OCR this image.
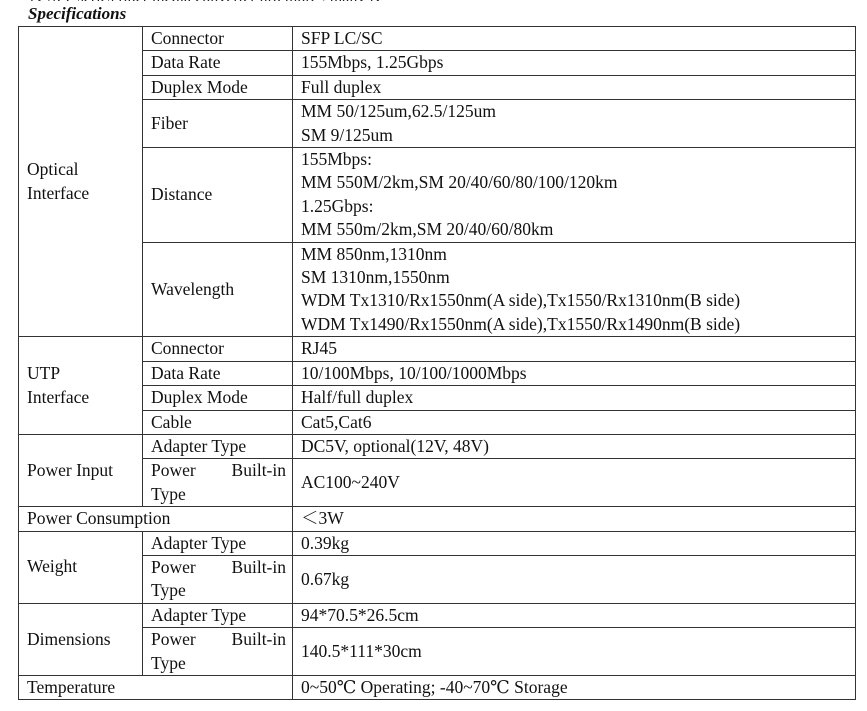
Specifications
Optical
Interface	Connector	SFP LC/SC
	Data Rate	155Mbps, 1.25Gbps
	Duplex Mode	Full duplex
	Fiber	MM 50/125um,62.5/125um
SM 9/125um

	Distance	155Mbps:
MM 550M/2km,SM 20/40/60/80/100/120km
1.25Gbps:
MM 550m/2km,SM 20/40/60/80km

	Wavelength	MM 850nm,1310nm
SM 1310nm,1550nm
WDM Tx1310/Rx1550nm(A side),Tx1550/Rx1310nm(B side)
WDM Tx1490/Rx1550nm(A side),Tx1550/Rx1490nm(B side)

UTP
Interface	Connector	RJ45
	Data Rate	10/100Mbps, 10/100/1000Mbps
	Duplex Mode	Half/full duplex
	Cable	Cat5,Cat6
Power Input	Adapter Type	DC5V, optional(12V, 48V)

	Power Built-in
Type	AC100~240V
Power Consumption		＜3W
Weight	Adapter Type	0.39kg

	Power Built-in
Type	0.67kg
Dimensions	Adapter Type	94*70.5*26.5cm

	Power Built-in
Type	140.5*111*30cm
Temperature		0~50℃ Operating; -40~70℃ Storage
